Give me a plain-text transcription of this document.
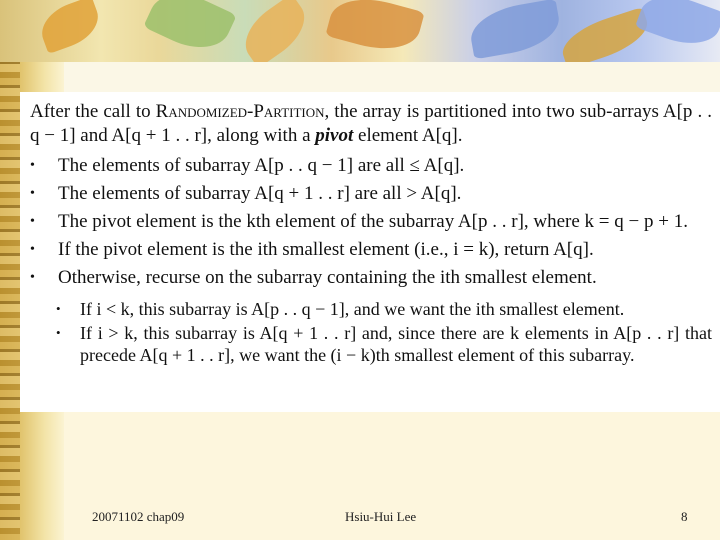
After the call to Randomized-Partition, the array is partitioned into two sub-arrays A[p . . q − 1] and A[q + 1 . . r], along with a pivot element A[q].

• The elements of subarray A[p . . q − 1] are all ≤ A[q].
• The elements of subarray A[q + 1 . . r] are all > A[q].
• The pivot element is the kth element of the subarray A[p . . r], where k = q − p + 1.
• If the pivot element is the ith smallest element (i.e., i = k), return A[q].
• Otherwise, recurse on the subarray containing the ith smallest element.
• If i < k, this subarray is A[p . . q − 1], and we want the ith smallest element.
• If i > k, this subarray is A[q + 1 . . r] and, since there are k elements in A[p . . r] that precede A[q + 1 . . r], we want the (i − k)th smallest element of this subarray.
20071102 chap09	Hsiu-Hui Lee	8
